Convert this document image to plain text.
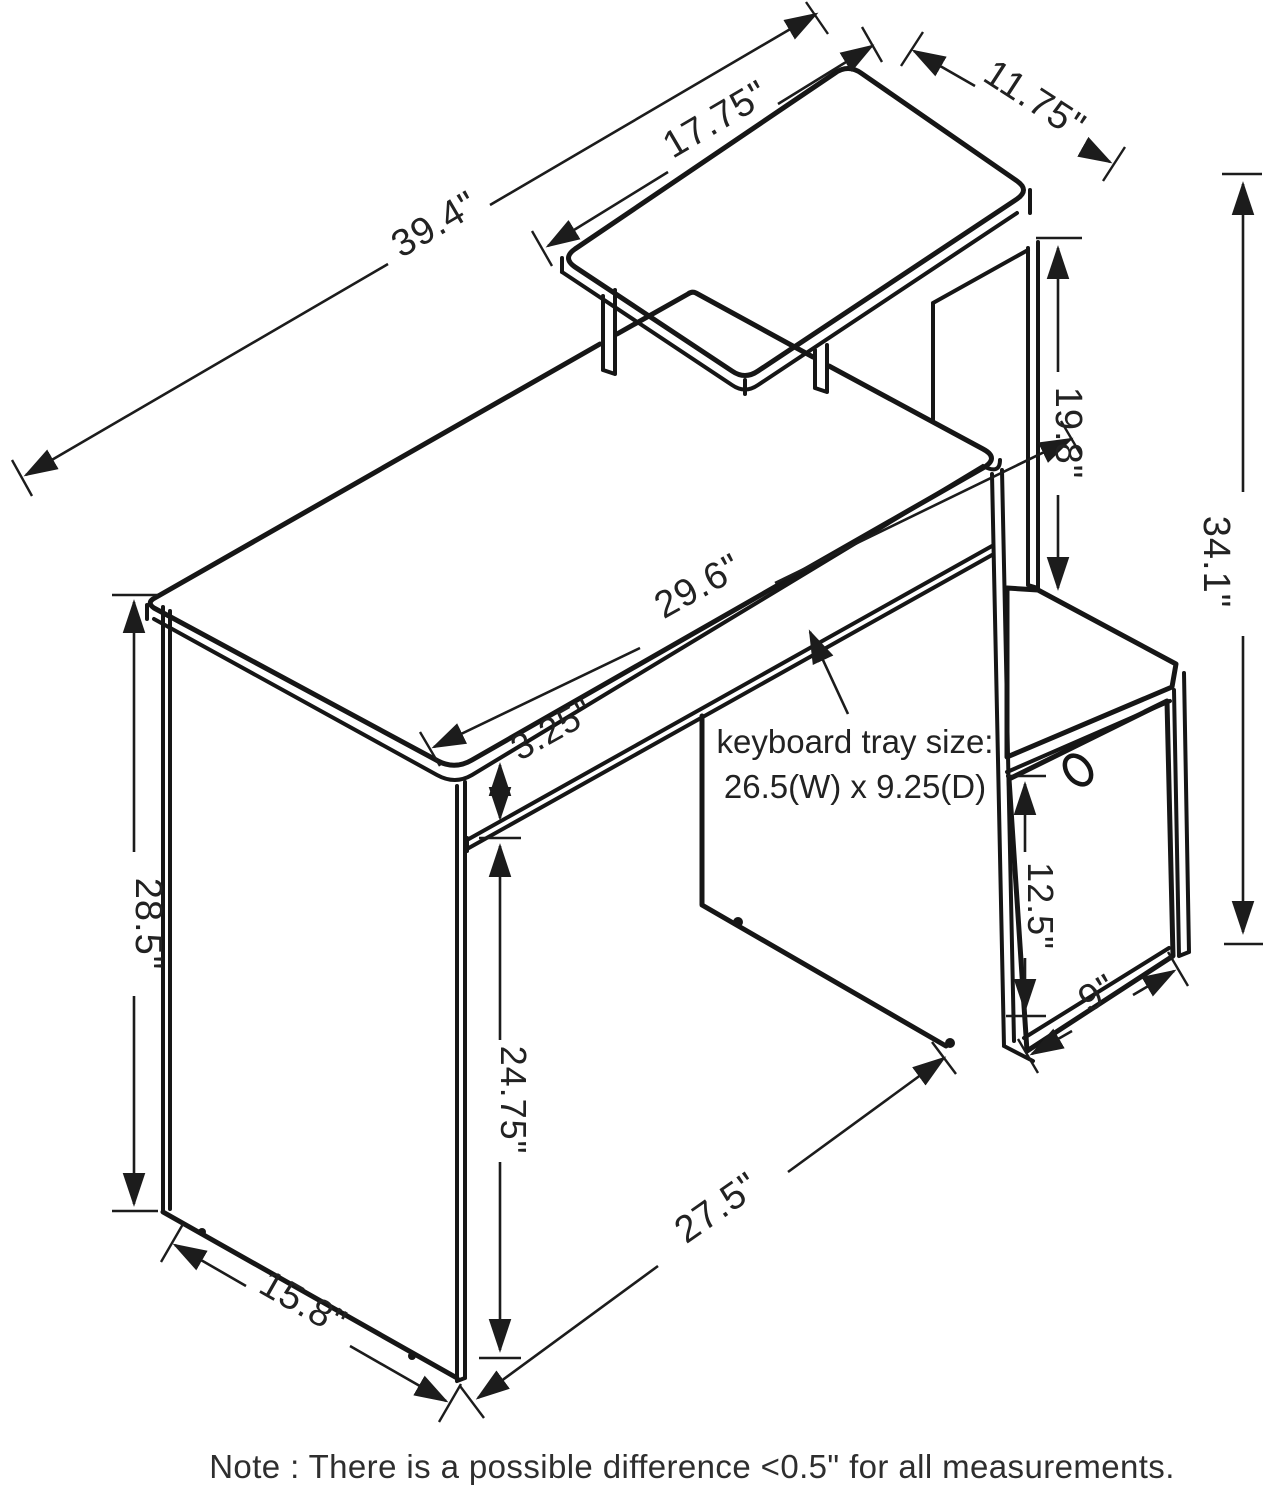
39.4"
17.75"	11.75"
19.8"
34.1"
29.6"
3.25"
28.5"
24.75"
12.5"
9"
15.8"
27.5"
keyboard tray size:
26.5(W) x 9.25(D)
Note : There is a possible difference <0.5" for all measurements.
